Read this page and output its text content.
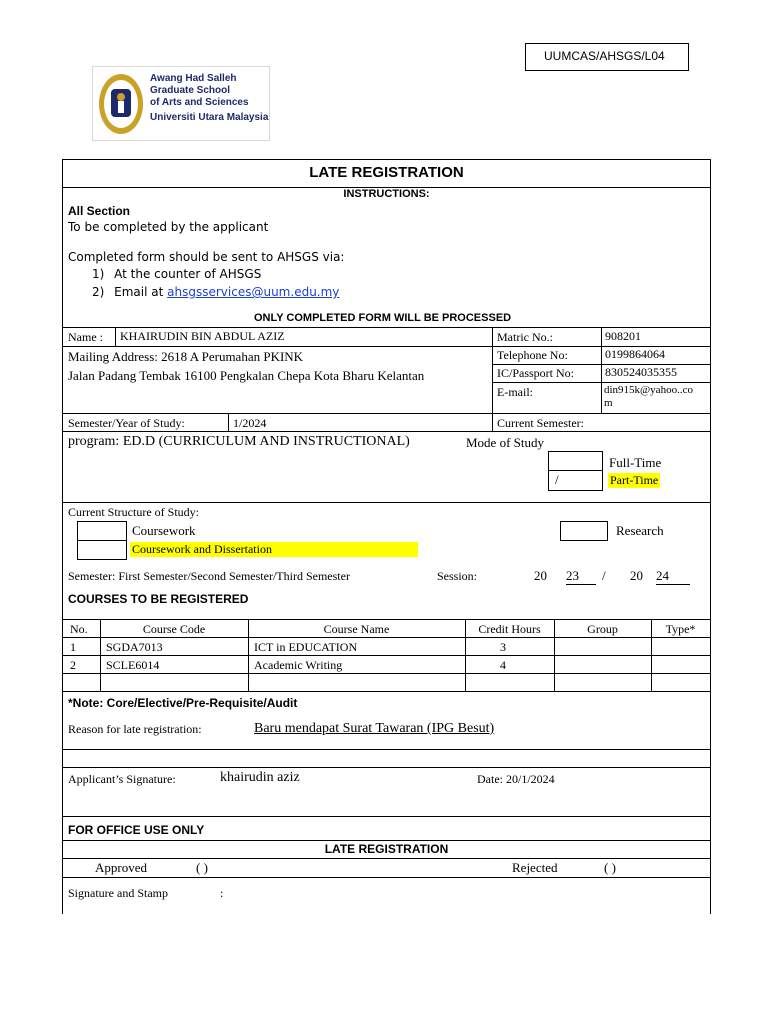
UUMCAS/AHSGS/L04
Awang Had Salleh
Graduate School
of Arts and Sciences
Universiti Utara Malaysia
LATE REGISTRATION
INSTRUCTIONS:
All Section
To be completed by the applicant
Completed form should be sent to AHSGS via:
1) At the counter of AHSGS
2) Email at ahsgsservices@uum.edu.my
ONLY COMPLETED FORM WILL BE PROCESSED
Name : KHAIRUDIN BIN ABDUL AZIZ
Mailing Address: 2618 A Perumahan PKINK
Jalan Padang Tembak 16100 Pengkalan Chepa Kota Bharu Kelantan
Matric No.:	908201
Telephone No:	0199864064
IC/Passport No:	830524035355
E-mail:	din915k@yahoo..co
m
Semester/Year of Study:	1/2024	Current Semester:
program: ED.D (CURRICULUM AND INSTRUCTIONAL)	Mode of Study
/
Full-Time
Part-Time
Current Structure of Study:
Coursework
Coursework and Dissertation
Research
Semester: First Semester/Second Semester/Third Semester	Session:	20 23	/ 20 24
COURSES TO BE REGISTERED
No.	Course Code	Course Name	Credit Hours	Group	Type*
1	SGDA7013	ICT in EDUCATION	3
2	SCLE6014	Academic Writing	4
*Note: Core/Elective/Pre-Requisite/Audit
Reason for late registration:	Baru mendapat Surat Tawaran (IPG Besut)
Applicant’s Signature:	khairudin aziz	Date: 20/1/2024
FOR OFFICE USE ONLY
LATE REGISTRATION
Approved	( )	Rejected	( )
Signature and Stamp	:
